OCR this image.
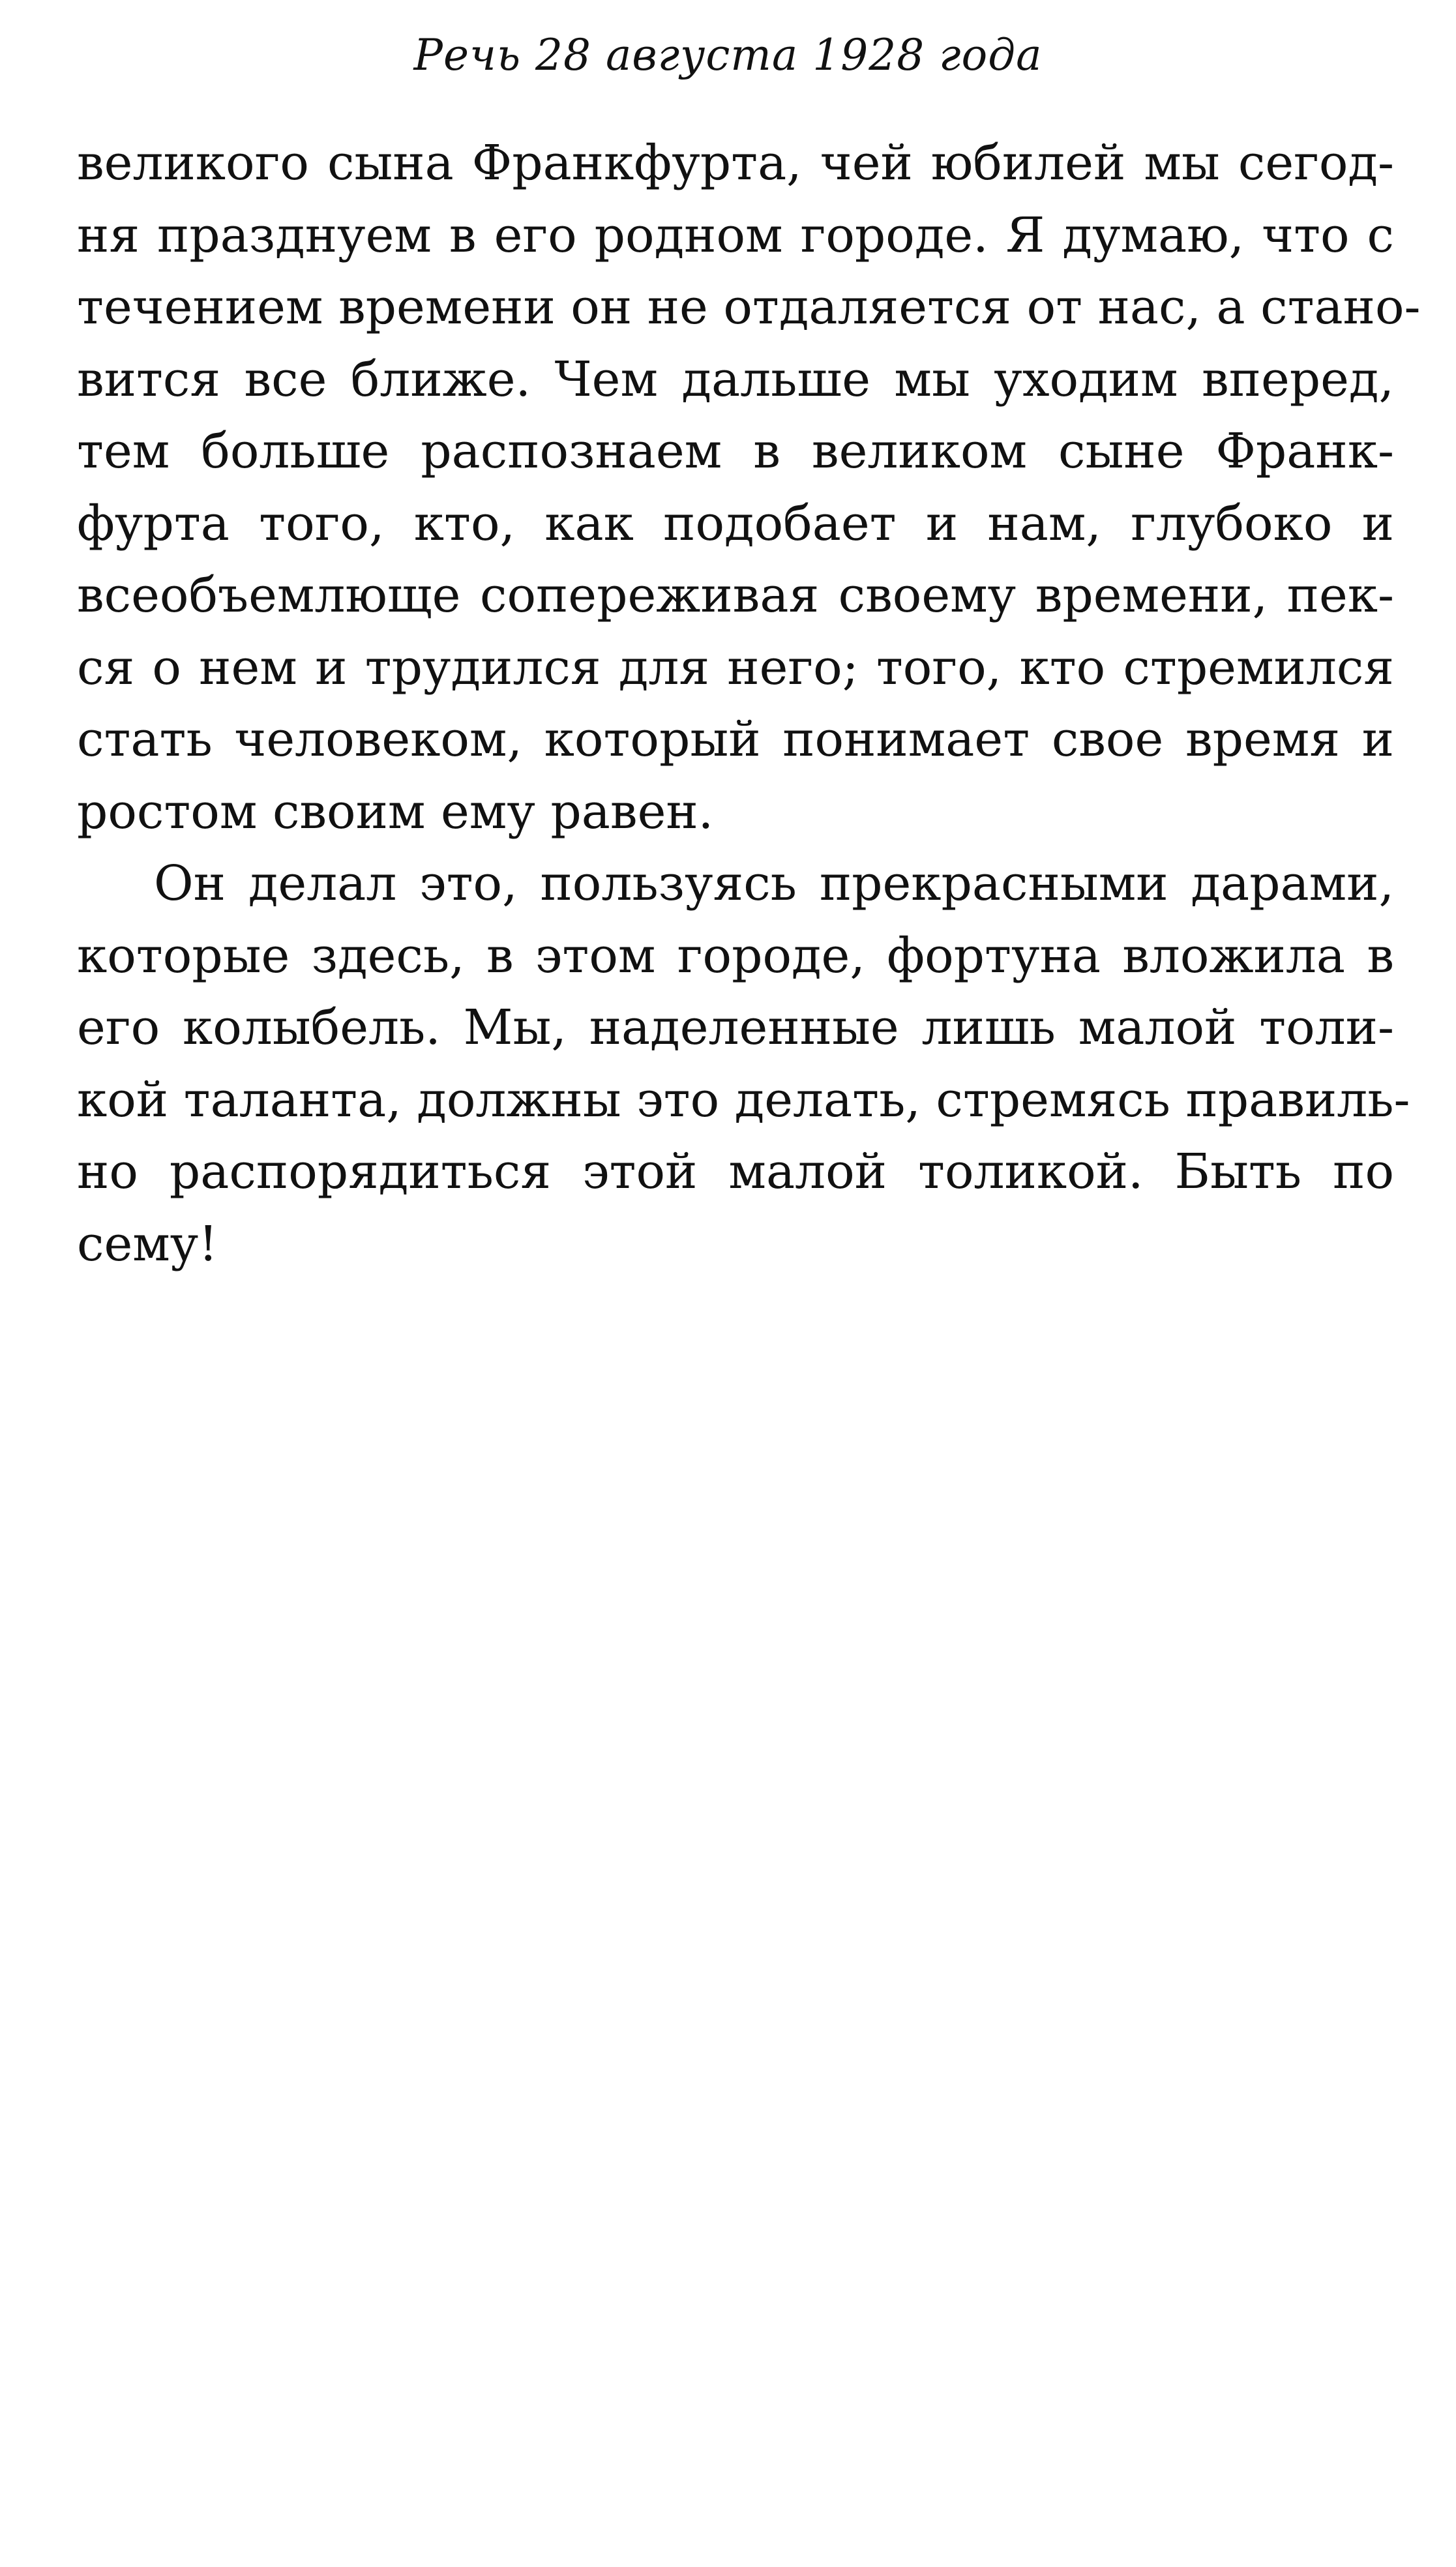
Речь 28 августа 1928 года
великого сына Франкфурта, чей юбилей мы сегод-
ня празднуем в его родном городе. Я думаю, что с
течением времени он не отдаляется от нас, а стано-
вится все ближе. Чем дальше мы уходим вперед,
тем больше распознаем в великом сыне Франк-
фурта того, кто, как подобает и нам, глубоко и
всеобъемлюще сопереживая своему времени, пек-
ся о нем и трудился для него; того, кто стремился
стать человеком, который понимает свое время и
ростом своим ему равен.
Он делал это, пользуясь прекрасными дарами,
которые здесь, в этом городе, фортуна вложила в
его колыбель. Мы, наделенные лишь малой толи-
кой таланта, должны это делать, стремясь правиль-
но распорядиться этой малой толикой. Быть по
сему!
